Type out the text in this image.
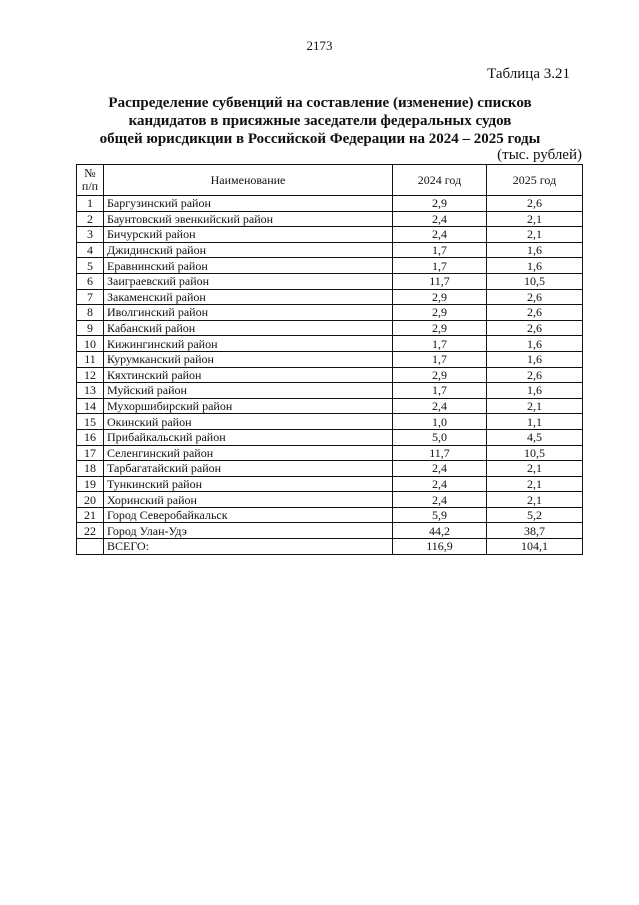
2173
Таблица 3.21
Распределение субвенций на составление (изменение) списков
кандидатов в присяжные заседатели федеральных судов
общей юрисдикции в Российской Федерации на 2024 – 2025 годы
(тыс. рублей)
№
п/п	Наименование	2024 год	2025 год
1	Баргузинский район	2,9	2,6
2	Баунтовский эвенкийский район	2,4	2,1
3	Бичурский район	2,4	2,1
4	Джидинский район	1,7	1,6
5	Еравнинский район	1,7	1,6
6	Заиграевский район	11,7	10,5
7	Закаменский район	2,9	2,6
8	Иволгинский район	2,9	2,6
9	Кабанский район	2,9	2,6
10	Кижингинский район	1,7	1,6
11	Курумканский район	1,7	1,6
12	Кяхтинский район	2,9	2,6
13	Муйский район	1,7	1,6
14	Мухоршибирский район	2,4	2,1
15	Окинский район	1,0	1,1
16	Прибайкальский район	5,0	4,5
17	Селенгинский район	11,7	10,5
18	Тарбагатайский район	2,4	2,1
19	Тункинский район	2,4	2,1
20	Хоринский район	2,4	2,1
21	Город Северобайкальск	5,9	5,2
22	Город Улан-Удэ	44,2	38,7
	ВСЕГО:	116,9	104,1
